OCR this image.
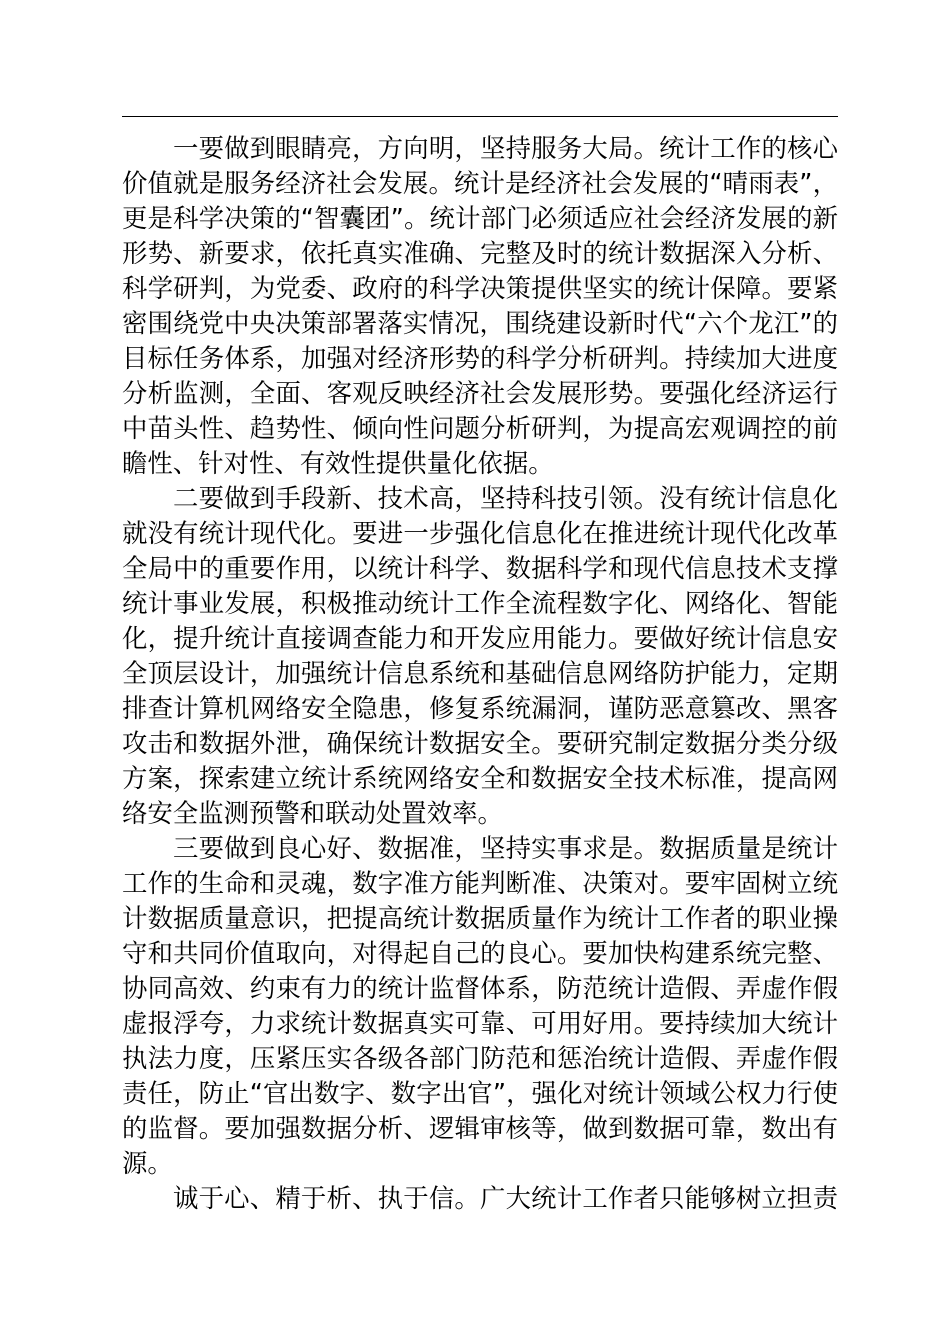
一要做到眼睛亮，方向明，坚持服务大局。统计工作的核心
价值就是服务经济社会发展。统计是经济社会发展的“晴雨表”，
更是科学决策的“智囊团”。统计部门必须适应社会经济发展的新
形势、新要求，依托真实准确、完整及时的统计数据深入分析、
科学研判，为党委、政府的科学决策提供坚实的统计保障。要紧
密围绕党中央决策部署落实情况，围绕建设新时代“六个龙江”的
目标任务体系，加强对经济形势的科学分析研判。持续加大进度
分析监测，全面、客观反映经济社会发展形势。要强化经济运行
中苗头性、趋势性、倾向性问题分析研判，为提高宏观调控的前
瞻性、针对性、有效性提供量化依据。
二要做到手段新、技术高，坚持科技引领。没有统计信息化
就没有统计现代化。要进一步强化信息化在推进统计现代化改革
全局中的重要作用，以统计科学、数据科学和现代信息技术支撑
统计事业发展，积极推动统计工作全流程数字化、网络化、智能
化，提升统计直接调查能力和开发应用能力。要做好统计信息安
全顶层设计，加强统计信息系统和基础信息网络防护能力，定期
排查计算机网络安全隐患，修复系统漏洞，谨防恶意篡改、黑客
攻击和数据外泄，确保统计数据安全。要研究制定数据分类分级
方案，探索建立统计系统网络安全和数据安全技术标准，提高网
络安全监测预警和联动处置效率。
三要做到良心好、数据准，坚持实事求是。数据质量是统计
工作的生命和灵魂，数字准方能判断准、决策对。要牢固树立统
计数据质量意识，把提高统计数据质量作为统计工作者的职业操
守和共同价值取向，对得起自己的良心。要加快构建系统完整、
协同高效、约束有力的统计监督体系，防范统计造假、弄虚作假
虚报浮夸，力求统计数据真实可靠、可用好用。要持续加大统计
执法力度，压紧压实各级各部门防范和惩治统计造假、弄虚作假
责任，防止“官出数字、数字出官”，强化对统计领域公权力行使
的监督。要加强数据分析、逻辑审核等，做到数据可靠，数出有
源。
诚于心、精于析、执于信。广大统计工作者只能够树立担责
